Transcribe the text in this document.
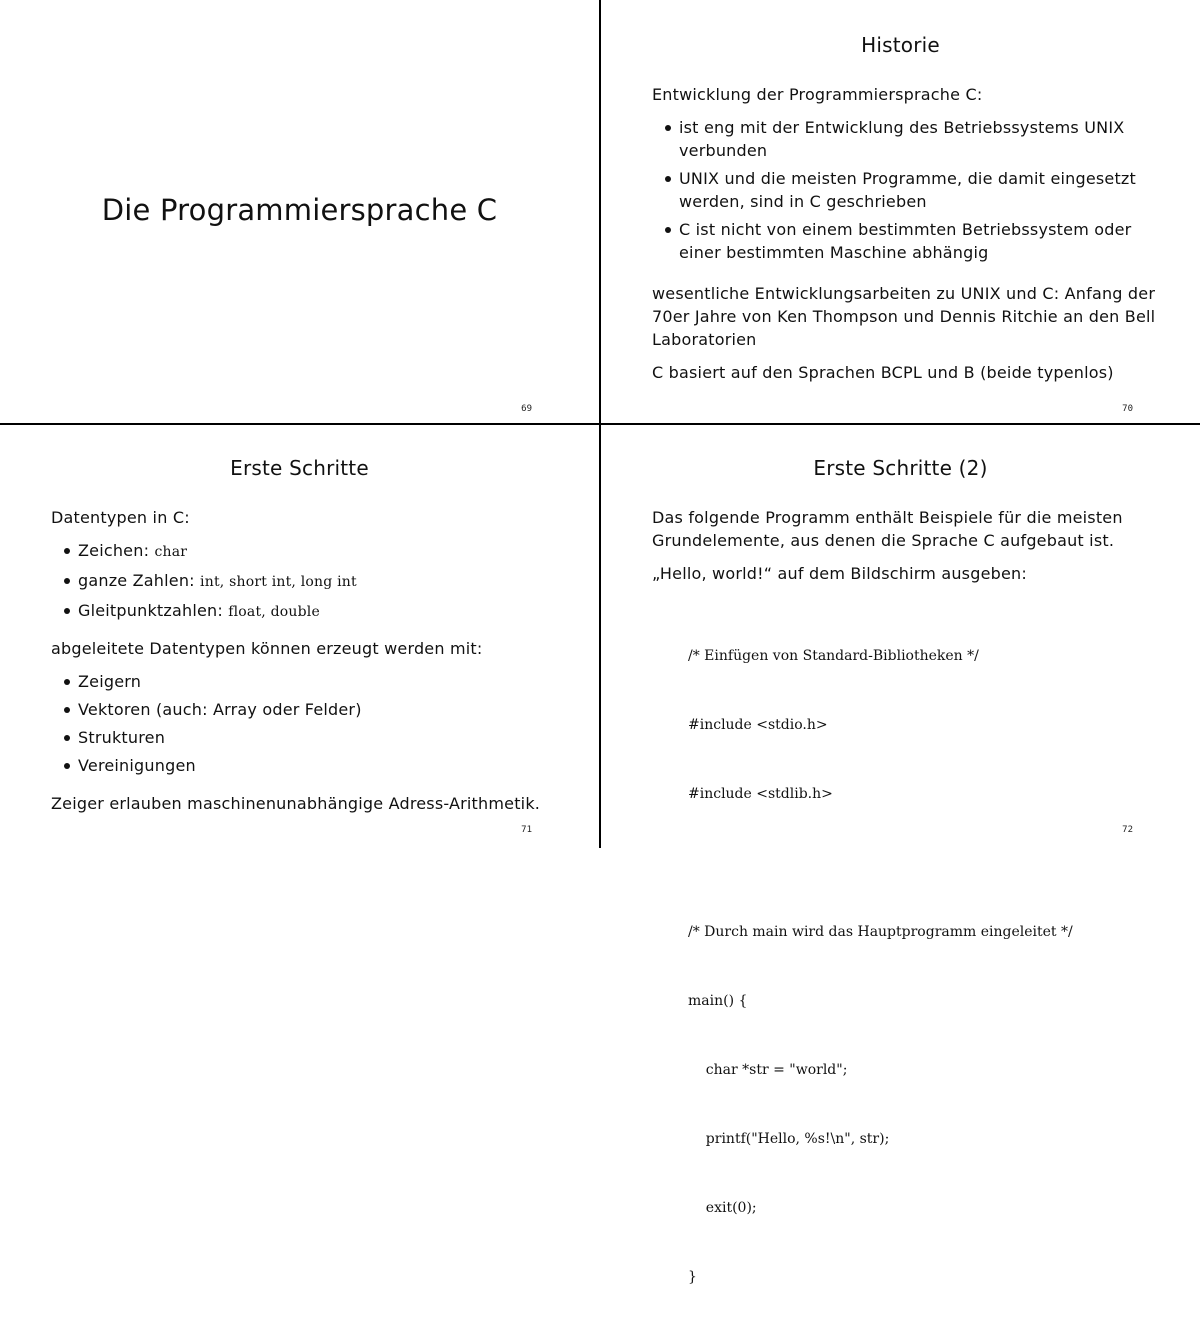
Die Programmiersprache C
69
Historie

Entwicklung der Programmiersprache C:

ist eng mit der Entwicklung des Betriebssystems UNIX verbunden
UNIX und die meisten Programme, die damit eingesetzt werden, sind in C geschrieben
C ist nicht von einem bestimmten Betriebssystem oder einer bestimmten Maschine abhängig

wesentliche Entwicklungsarbeiten zu UNIX und C: Anfang der 70er Jahre von Ken Thompson und Dennis Ritchie an den Bell Laboratorien

C basiert auf den Sprachen BCPL und B (beide typenlos)

70
Erste Schritte

Datentypen in C:

Zeichen: char
ganze Zahlen: int, short int, long int
Gleitpunktzahlen: float, double

abgeleitete Datentypen können erzeugt werden mit:

Zeigern
Vektoren (auch: Array oder Felder)
Strukturen
Vereinigungen

Zeiger erlauben maschinenunabhängige Adress-Arithmetik.

71
Erste Schritte (2)

Das folgende Programm enthält Beispiele für die meisten Grundelemente, aus denen die Sprache C aufgebaut ist.

„Hello, world!“ auf dem Bildschirm ausgeben:

/* Einfügen von Standard-Bibliotheken */

#include <stdio.h>

#include <stdlib.h>

/* Durch main wird das Hauptprogramm eingeleitet */

main() {

char *str = "world";

printf("Hello, %s!\n", str);

exit(0);

}

72
